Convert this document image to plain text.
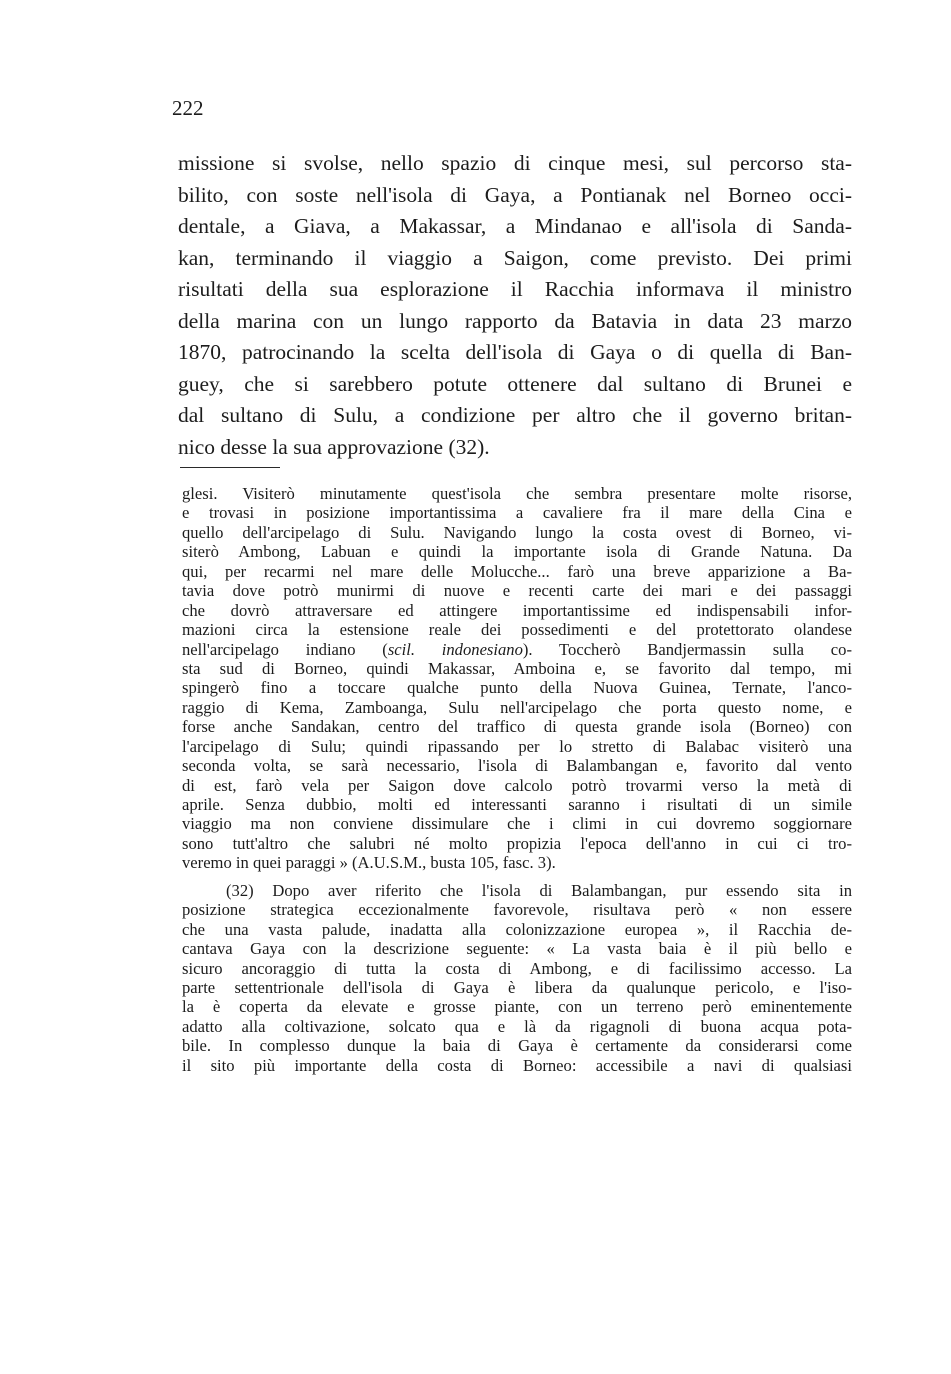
222
missione si svolse, nello spazio di cinque mesi, sul percorso sta-
bilito, con soste nell'isola di Gaya, a Pontianak nel Borneo occi-
dentale, a Giava, a Makassar, a Mindanao e all'isola di Sanda-
kan, terminando il viaggio a Saigon, come previsto. Dei primi
risultati della sua esplorazione il Racchia informava il ministro
della marina con un lungo rapporto da Batavia in data 23 marzo
1870, patrocinando la scelta dell'isola di Gaya o di quella di Ban-
guey, che si sarebbero potute ottenere dal sultano di Brunei e
dal sultano di Sulu, a condizione per altro che il governo britan-
nico desse la sua approvazione (32).
glesi. Visiterò minutamente quest'isola che sembra presentare molte risorse,
e trovasi in posizione importantissima a cavaliere fra il mare della Cina e
quello dell'arcipelago di Sulu. Navigando lungo la costa ovest di Borneo, vi-
siterò Ambong, Labuan e quindi la importante isola di Grande Natuna. Da
qui, per recarmi nel mare delle Molucche... farò una breve apparizione a Ba-
tavia dove potrò munirmi di nuove e recenti carte dei mari e dei passaggi
che dovrò attraversare ed attingere importantissime ed indispensabili infor-
mazioni circa la estensione reale dei possedimenti e del protettorato olandese
nell'arcipelago indiano (scil. indonesiano). Toccherò Bandjermassin sulla co-
sta sud di Borneo, quindi Makassar, Amboina e, se favorito dal tempo, mi
spingerò fino a toccare qualche punto della Nuova Guinea, Ternate, l'anco-
raggio di Kema, Zamboanga, Sulu nell'arcipelago che porta questo nome, e
forse anche Sandakan, centro del traffico di questa grande isola (Borneo) con
l'arcipelago di Sulu; quindi ripassando per lo stretto di Balabac visiterò una
seconda volta, se sarà necessario, l'isola di Balambangan e, favorito dal vento
di est, farò vela per Saigon dove calcolo potrò trovarmi verso la metà di
aprile. Senza dubbio, molti ed interessanti saranno i risultati di un simile
viaggio ma non conviene dissimulare che i climi in cui dovremo soggiornare
sono tutt'altro che salubri né molto propizia l'epoca dell'anno in cui ci tro-
veremo in quei paraggi » (A.U.S.M., busta 105, fasc. 3).
(32) Dopo aver riferito che l'isola di Balambangan, pur essendo sita in
posizione strategica eccezionalmente favorevole, risultava però « non essere
che una vasta palude, inadatta alla colonizzazione europea », il Racchia de-
cantava Gaya con la descrizione seguente: « La vasta baia è il più bello e
sicuro ancoraggio di tutta la costa di Ambong, e di facilissimo accesso. La
parte settentrionale dell'isola di Gaya è libera da qualunque pericolo, e l'iso-
la è coperta da elevate e grosse piante, con un terreno però eminentemente
adatto alla coltivazione, solcato qua e là da rigagnoli di buona acqua pota-
bile. In complesso dunque la baia di Gaya è certamente da considerarsi come
il sito più importante della costa di Borneo: accessibile a navi di qualsiasi
